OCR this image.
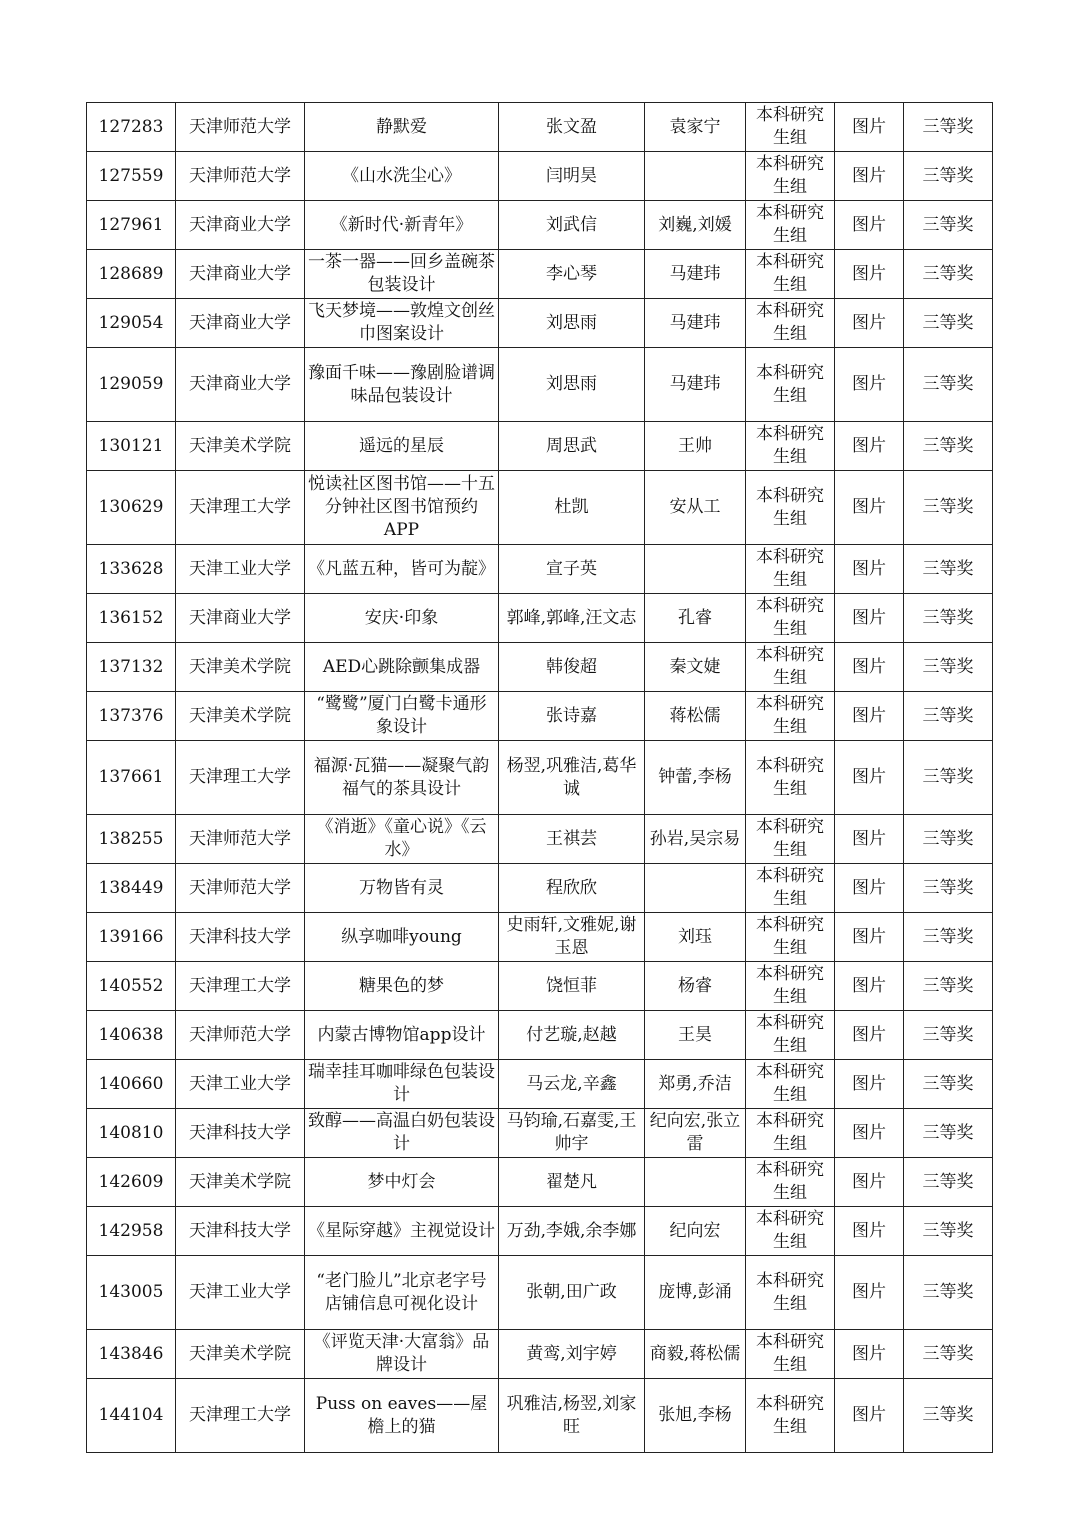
127283	天津师范大学	静默爱	张文盈	袁家宁	本科研究生组	图片	三等奖
127559	天津师范大学	《山水洗尘心》	闫明昊		本科研究生组	图片	三等奖
127961	天津商业大学	《新时代·新青年》	刘武信	刘巍,刘媛	本科研究生组	图片	三等奖
128689	天津商业大学	一茶一器——回乡盖碗茶包装设计	李心琴	马建玮	本科研究生组	图片	三等奖
129054	天津商业大学	飞天梦境——敦煌文创丝巾图案设计	刘思雨	马建玮	本科研究生组	图片	三等奖
129059	天津商业大学	豫面千味——豫剧脸谱调味品包装设计	刘思雨	马建玮	本科研究生组	图片	三等奖
130121	天津美术学院	遥远的星辰	周思武	王帅	本科研究生组	图片	三等奖
130629	天津理工大学	悦读社区图书馆——十五分钟社区图书馆预约APP	杜凯	安从工	本科研究生组	图片	三等奖
133628	天津工业大学	《凡蓝五种，皆可为靛》	宣子英		本科研究生组	图片	三等奖
136152	天津商业大学	安庆·印象	郭峰,郭峰,汪文志	孔睿	本科研究生组	图片	三等奖
137132	天津美术学院	AED心跳除颤集成器	韩俊超	秦文婕	本科研究生组	图片	三等奖
137376	天津美术学院	“鹭鹭”厦门白鹭卡通形象设计	张诗嘉	蒋松儒	本科研究生组	图片	三等奖
137661	天津理工大学	福源·瓦猫——凝聚气韵福气的茶具设计	杨翌,巩雅洁,葛华诚	钟蕾,李杨	本科研究生组	图片	三等奖
138255	天津师范大学	《消逝》《童心说》《云水》	王祺芸	孙岩,吴宗易	本科研究生组	图片	三等奖
138449	天津师范大学	万物皆有灵	程欣欣		本科研究生组	图片	三等奖
139166	天津科技大学	纵享咖啡young	史雨轩,文雅妮,谢玉恩	刘珏	本科研究生组	图片	三等奖
140552	天津理工大学	糖果色的梦	饶恒菲	杨睿	本科研究生组	图片	三等奖
140638	天津师范大学	内蒙古博物馆app设计	付艺璇,赵越	王昊	本科研究生组	图片	三等奖
140660	天津工业大学	瑞幸挂耳咖啡绿色包装设计	马云龙,辛鑫	郑勇,乔洁	本科研究生组	图片	三等奖
140810	天津科技大学	致醇——高温白奶包装设计	马钧瑜,石嘉雯,王帅宇	纪向宏,张立雷	本科研究生组	图片	三等奖
142609	天津美术学院	梦中灯会	翟楚凡		本科研究生组	图片	三等奖
142958	天津科技大学	《星际穿越》主视觉设计	万劲,李娥,余李娜	纪向宏	本科研究生组	图片	三等奖
143005	天津工业大学	“老门脸儿”北京老字号店铺信息可视化设计	张朝,田广政	庞博,彭涌	本科研究生组	图片	三等奖
143846	天津美术学院	《评览天津·大富翁》品牌设计	黄鸾,刘宇婷	商毅,蒋松儒	本科研究生组	图片	三等奖
144104	天津理工大学	Puss on eaves——屋檐上的猫	巩雅洁,杨翌,刘家旺	张旭,李杨	本科研究生组	图片	三等奖
